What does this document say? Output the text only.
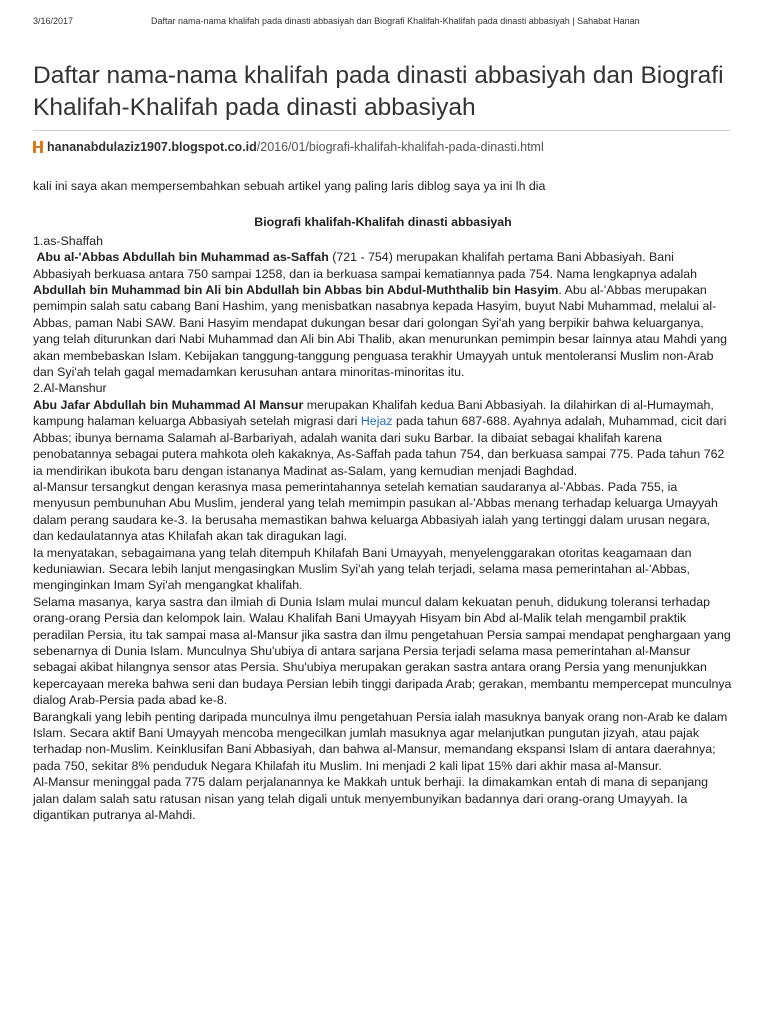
3/16/2017	Daftar nama-nama khalifah pada dinasti abbasiyah dan Biografi Khalifah-Khalifah pada dinasti abbasiyah | Sahabat Hanan
Daftar nama-nama khalifah pada dinasti abbasiyah dan Biografi Khalifah-Khalifah pada dinasti abbasiyah
hananabdulaziz1907.blogspot.co.id/2016/01/biografi-khalifah-khalifah-pada-dinasti.html

kali ini saya akan mempersembahkan sebuah artikel yang paling laris diblog saya ya ini lh dia

Biografi khalifah-Khalifah dinasti abbasiyah

1.as-Shaffah

Abu al-'Abbas Abdullah bin Muhammad as-Saffah (721 - 754) merupakan khalifah pertama Bani Abbasiyah. Bani Abbasiyah berkuasa antara 750 sampai 1258, dan ia berkuasa sampai kematiannya pada 754. Nama lengkapnya adalah Abdullah bin Muhammad bin Ali bin Abdullah bin Abbas bin Abdul-Muththalib bin Hasyim. Abu al-'Abbas merupakan pemimpin salah satu cabang Bani Hashim, yang menisbatkan nasabnya kepada Hasyim, buyut Nabi Muhammad, melalui al-Abbas, paman Nabi SAW. Bani Hasyim mendapat dukungan besar dari golongan Syi'ah yang berpikir bahwa keluarganya, yang telah diturunkan dari Nabi Muhammad dan Ali bin Abi Thalib, akan menurunkan pemimpin besar lainnya atau Mahdi yang akan membebaskan Islam. Kebijakan tanggung-tanggung penguasa terakhir Umayyah untuk mentoleransi Muslim non-Arab dan Syi'ah telah gagal memadamkan kerusuhan antara minoritas-minoritas itu.

2.Al-Manshur

Abu Jafar Abdullah bin Muhammad Al Mansur merupakan Khalifah kedua Bani Abbasiyah. Ia dilahirkan di al-Humaymah, kampung halaman keluarga Abbasiyah setelah migrasi dari Hejaz pada tahun 687-688. Ayahnya adalah, Muhammad, cicit dari Abbas; ibunya bernama Salamah al-Barbariyah, adalah wanita dari suku Barbar. Ia dibaiat sebagai khalifah karena penobatannya sebagai putera mahkota oleh kakaknya, As-Saffah pada tahun 754, dan berkuasa sampai 775. Pada tahun 762 ia mendirikan ibukota baru dengan istananya Madinat as-Salam, yang kemudian menjadi Baghdad.

al-Mansur tersangkut dengan kerasnya masa pemerintahannya setelah kematian saudaranya al-'Abbas. Pada 755, ia menyusun pembunuhan Abu Muslim, jenderal yang telah memimpin pasukan al-'Abbas menang terhadap keluarga Umayyah dalam perang saudara ke-3. Ia berusaha memastikan bahwa keluarga Abbasiyah ialah yang tertinggi dalam urusan negara, dan kedaulatannya atas Khilafah akan tak diragukan lagi.

Ia menyatakan, sebagaimana yang telah ditempuh Khilafah Bani Umayyah, menyelenggarakan otoritas keagamaan dan keduniawian. Secara lebih lanjut mengasingkan Muslim Syi'ah yang telah terjadi, selama masa pemerintahan al-'Abbas, menginginkan Imam Syi'ah mengangkat khalifah.

Selama masanya, karya sastra dan ilmiah di Dunia Islam mulai muncul dalam kekuatan penuh, didukung toleransi terhadap orang-orang Persia dan kelompok lain. Walau Khalifah Bani Umayyah Hisyam bin Abd al-Malik telah mengambil praktik peradilan Persia, itu tak sampai masa al-Mansur jika sastra dan ilmu pengetahuan Persia sampai mendapat penghargaan yang sebenarnya di Dunia Islam. Munculnya Shu'ubiya di antara sarjana Persia terjadi selama masa pemerintahan al-Mansur sebagai akibat hilangnya sensor atas Persia. Shu'ubiya merupakan gerakan sastra antara orang Persia yang menunjukkan kepercayaan mereka bahwa seni dan budaya Persian lebih tinggi daripada Arab; gerakan, membantu mempercepat munculnya dialog Arab-Persia pada abad ke-8.

Barangkali yang lebih penting daripada munculnya ilmu pengetahuan Persia ialah masuknya banyak orang non-Arab ke dalam Islam. Secara aktif Bani Umayyah mencoba mengecilkan jumlah masuknya agar melanjutkan pungutan jizyah, atau pajak terhadap non-Muslim. Keinklusifan Bani Abbasiyah, dan bahwa al-Mansur, memandang ekspansi Islam di antara daerahnya; pada 750, sekitar 8% penduduk Negara Khilafah itu Muslim. Ini menjadi 2 kali lipat 15% dari akhir masa al-Mansur.

Al-Mansur meninggal pada 775 dalam perjalanannya ke Makkah untuk berhaji. Ia dimakamkan entah di mana di sepanjang jalan dalam salah satu ratusan nisan yang telah digali untuk menyembunyikan badannya dari orang-orang Umayyah. Ia digantikan putranya al-Mahdi.
